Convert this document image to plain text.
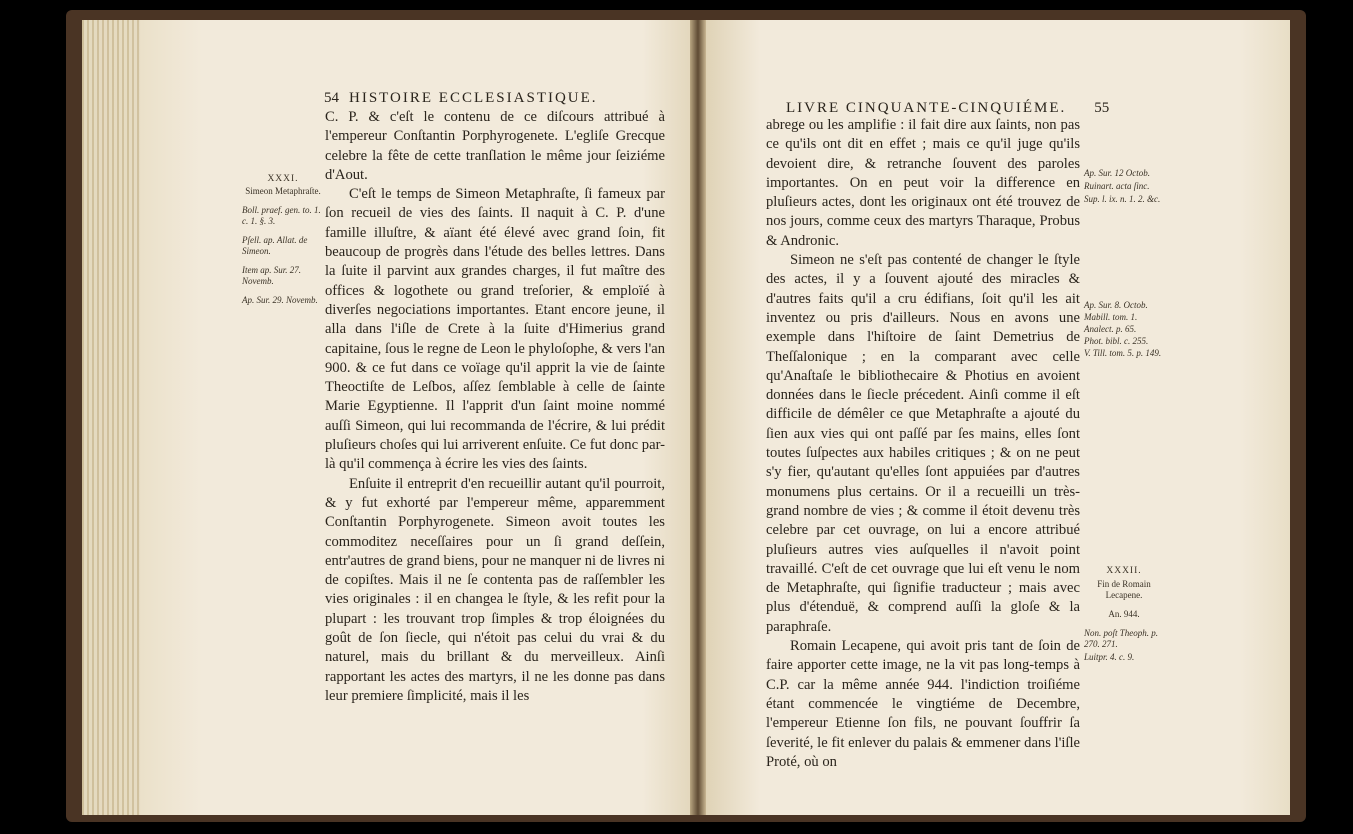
54 HISTOIRE ECCLESIASTIQUE.
XXXI.
Simeon Metaphraſte.
Boll. praef. gen. to. 1. c. 1. §. 3.
Pſell. ap. Allat. de Simeon.
Item ap. Sur. 27. Novemb.
Ap. Sur. 29. Novemb.

C. P. & c'eſt le contenu de ce diſcours attribué à l'empereur Conſtantin Porphyrogenete. L'egliſe Grecque celebre la fête de cette tranſlation le même jour ſeiziéme d'Aout.

C'eſt le temps de Simeon Metaphraſte, ſi fameux par ſon recueil de vies des ſaints. Il naquit à C. P. d'une famille illuſtre, & aïant été élevé avec grand ſoin, fit beaucoup de progrès dans l'étude des belles lettres. Dans la ſuite il parvint aux grandes charges, il fut maître des offices & logothete ou grand treſorier, & emploïé à diverſes negociations importantes. Etant encore jeune, il alla dans l'iſle de Crete à la ſuite d'Himerius grand capitaine, ſous le regne de Leon le phyloſophe, & vers l'an 900. & ce fut dans ce voïage qu'il apprit la vie de ſainte Theoctiſte de Leſbos, aſſez ſemblable à celle de ſainte Marie Egyptienne. Il l'apprit d'un ſaint moine nommé auſſi Simeon, qui lui recommanda de l'écrire, & lui prédit pluſieurs choſes qui lui arriverent enſuite. Ce fut donc par-là qu'il commença à écrire les vies des ſaints.

Enſuite il entreprit d'en recueillir autant qu'il pourroit, & y fut exhorté par l'empereur même, apparemment Conſtantin Porphyrogenete. Simeon avoit toutes les commoditez neceſſaires pour un ſi grand deſſein, entr'autres de grand biens, pour ne manquer ni de livres ni de copiſtes. Mais il ne ſe contenta pas de raſſembler les vies originales : il en changea le ſtyle, & les refit pour la plupart : les trouvant trop ſimples & trop éloignées du goût de ſon ſiecle, qui n'étoit pas celui du vrai & du naturel, mais du brillant & du merveilleux. Ainſi rapportant les actes des martyrs, il ne les donne pas dans leur premiere ſimplicité, mais il les

LIVRE CINQUANTE-CINQUIÉME. 55

abrege ou les amplifie : il fait dire aux ſaints, non pas ce qu'ils ont dit en effet ; mais ce qu'il juge qu'ils devoient dire, & retranche ſouvent des paroles importantes. On en peut voir la difference en pluſieurs actes, dont les originaux ont été trouvez de nos jours, comme ceux des martyrs Tharaque, Probus & Andronic.

Simeon ne s'eſt pas contenté de changer le ſtyle des actes, il y a ſouvent ajouté des miracles & d'autres faits qu'il a cru édifians, ſoit qu'il les ait inventez ou pris d'ailleurs. Nous en avons une exemple dans l'hiſtoire de ſaint Demetrius de Theſſalonique ; en la comparant avec celle qu'Anaſtaſe le bibliothecaire & Photius en avoient données dans le ſiecle précedent. Ainſi comme il eſt difficile de démêler ce que Metaphraſte a ajouté du ſien aux vies qui ont paſſé par ſes mains, elles ſont toutes ſuſpectes aux habiles critiques ; & on ne peut s'y fier, qu'autant qu'elles ſont appuiées par d'autres monumens plus certains. Or il a recueilli un très-grand nombre de vies ; & comme il étoit devenu très celebre par cet ouvrage, on lui a encore attribué pluſieurs autres vies auſquelles il n'avoit point travaillé. C'eſt de cet ouvrage que lui eſt venu le nom de Metaphraſte, qui ſignifie traducteur ; mais avec plus d'étenduë, & comprend auſſi la gloſe & la paraphraſe.

Romain Lecapene, qui avoit pris tant de ſoin de faire apporter cette image, ne la vit pas long-temps à C.P. car la même année 944. l'indiction troiſiéme étant commencée le vingtiéme de Decembre, l'empereur Etienne ſon fils, ne pouvant ſouffrir ſa ſeverité, le fit enlever du palais & emmener dans l'iſle Proté, où on

Ap. Sur. 12 Octob.
Ruinart. acta ſinc.
Sup. l. ix. n. 1. 2. &c.
Ap. Sur. 8. Octob.
Mabill. tom. 1.
Analect. p. 65.
Phot. bibl. c. 255.
V. Till. tom. 5. p. 149.
XXXII.
Fin de Romain Lecapene.
An. 944.
Non. poſt Theoph. p. 270. 271.
Luitpr. 4. c. 9.
